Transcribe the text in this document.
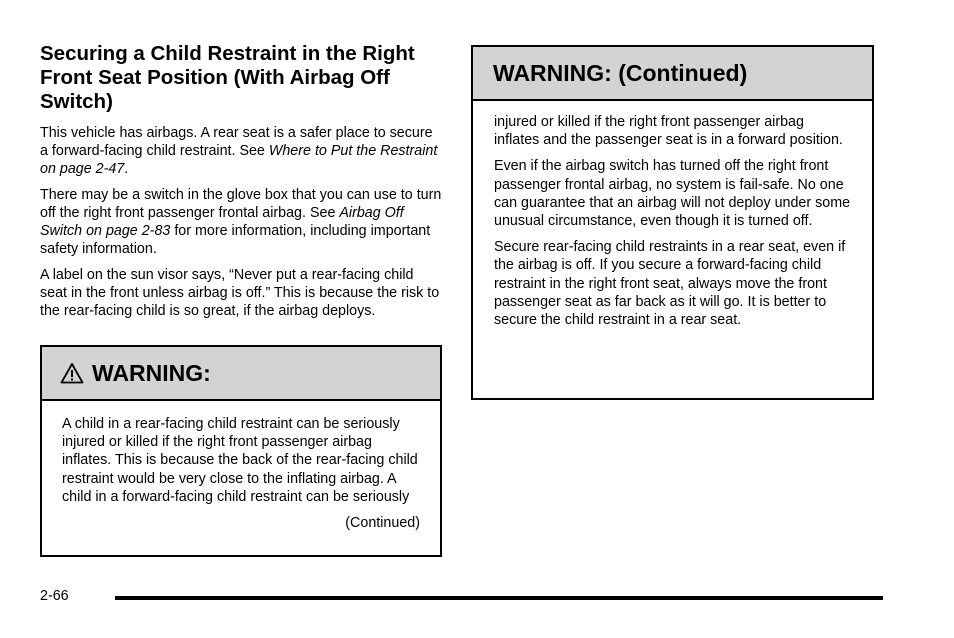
Securing a Child Restraint in the Right Front Seat Position (With Airbag Off Switch)

This vehicle has airbags. A rear seat is a safer place to secure a forward-facing child restraint. See Where to Put the Restraint on page 2-47.

There may be a switch in the glove box that you can use to turn off the right front passenger frontal airbag. See Airbag Off Switch on page 2-83 for more information, including important safety information.

A label on the sun visor says, “Never put a rear-facing child seat in the front unless airbag is off.” This is because the risk to the rear-facing child is so great, if the airbag deploys.

WARNING:

A child in a rear-facing child restraint can be seriously injured or killed if the right front passenger airbag inflates. This is because the back of the rear-facing child restraint would be very close to the inflating airbag. A child in a forward-facing child restraint can be seriously

(Continued)
WARNING: (Continued)

injured or killed if the right front passenger airbag inflates and the passenger seat is in a forward position.

Even if the airbag switch has turned off the right front passenger frontal airbag, no system is fail-safe. No one can guarantee that an airbag will not deploy under some unusual circumstance, even though it is turned off.

Secure rear-facing child restraints in a rear seat, even if the airbag is off. If you secure a forward-facing child restraint in the right front seat, always move the front passenger seat as far back as it will go. It is better to secure the child restraint in a rear seat.

2-66
